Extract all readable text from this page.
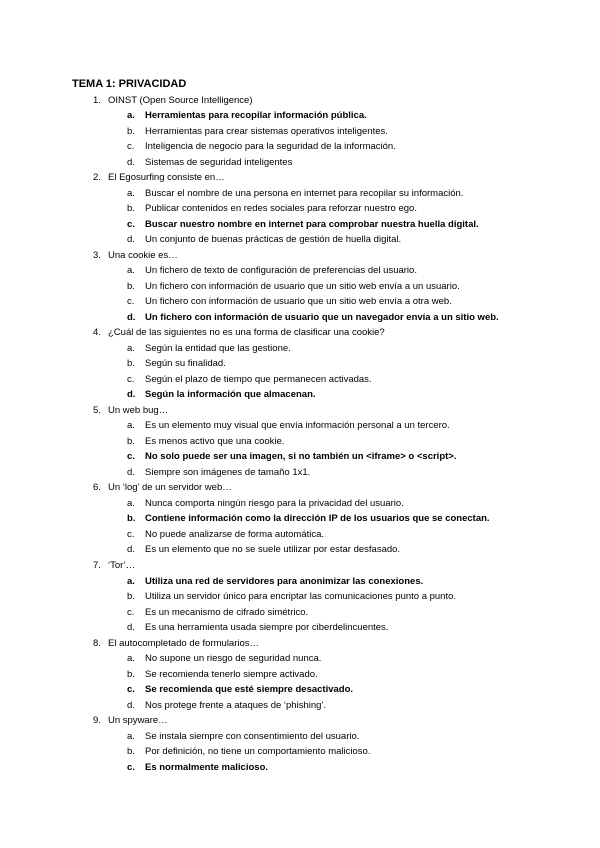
TEMA 1: PRIVACIDAD
1. OINST (Open Source Intelligence)
a. Herramientas para recopilar información pública.
b. Herramientas para crear sistemas operativos inteligentes.
c. Inteligencia de negocio para la seguridad de la información.
d. Sistemas de seguridad inteligentes
2. El Egosurfing consiste en…
a. Buscar el nombre de una persona en internet para recopilar su información.
b. Publicar contenidos en redes sociales para reforzar nuestro ego.
c. Buscar nuestro nombre en internet para comprobar nuestra huella digital.
d. Un conjunto de buenas prácticas de gestión de huella digital.
3. Una cookie es…
a. Un fichero de texto de configuración de preferencias del usuario.
b. Un fichero con información de usuario que un sitio web envía a un usuario.
c. Un fichero con información de usuario que un sitio web envía a otra web.
d. Un fichero con información de usuario que un navegador envía a un sitio web.
4. ¿Cuál de las siguientes no es una forma de clasificar una cookie?
a. Según la entidad que las gestione.
b. Según su finalidad.
c. Según el plazo de tiempo que permanecen activadas.
d. Según la información que almacenan.
5. Un web bug…
a. Es un elemento muy visual que envía información personal a un tercero.
b. Es menos activo que una cookie.
c. No solo puede ser una imagen, si no también un <iframe> o <script>.
d. Siempre son imágenes de tamaño 1x1.
6. Un ‘log’ de un servidor web…
a. Nunca comporta ningún riesgo para la privacidad del usuario.
b. Contiene información como la dirección IP de los usuarios que se conectan.
c. No puede analizarse de forma automática.
d. Es un elemento que no se suele utilizar por estar desfasado.
7. ‘Tor’…
a. Utiliza una red de servidores para anonimizar las conexiones.
b. Utiliza un servidor único para encriptar las comunicaciones punto a punto.
c. Es un mecanismo de cifrado simétrico.
d. Es una herramienta usada siempre por ciberdelincuentes.
8. El autocompletado de formularios…
a. No supone un riesgo de seguridad nunca.
b. Se recomienda tenerlo siempre activado.
c. Se recomienda que esté siempre desactivado.
d. Nos protege frente a ataques de ‘phishing’.
9. Un spyware…
a. Se instala siempre con consentimiento del usuario.
b. Por definición, no tiene un comportamiento malicioso.
c. Es normalmente malicioso.
